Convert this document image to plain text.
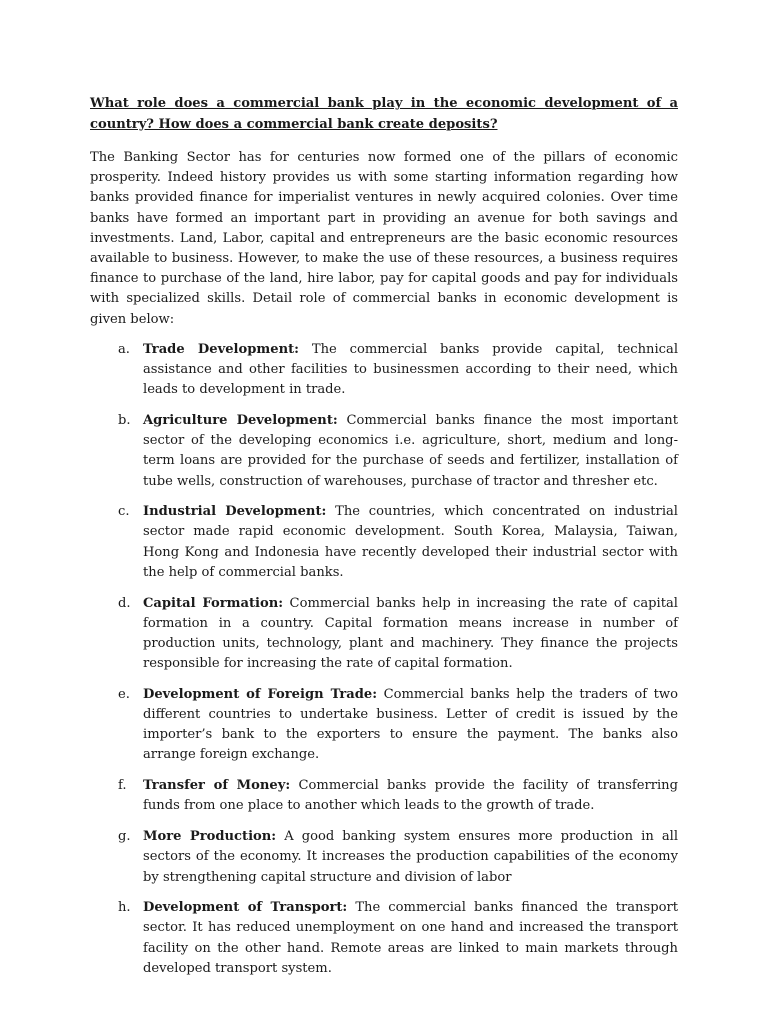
What role does a commercial bank play in the economic development of a country? How does a commercial bank create deposits?

The Banking Sector has for centuries now formed one of the pillars of economic prosperity. Indeed history provides us with some starting information regarding how banks provided finance for imperialist ventures in newly acquired colonies. Over time banks have formed an important part in providing an avenue for both savings and investments. Land, Labor, capital and entrepreneurs are the basic economic resources available to business. However, to make the use of these resources, a business requires finance to purchase of the land, hire labor, pay for capital goods and pay for individuals with specialized skills. Detail role of commercial banks in economic development is given below:

a. Trade Development: The commercial banks provide capital, technical assistance and other facilities to businessmen according to their need, which leads to development in trade.
b. Agriculture Development: Commercial banks finance the most important sector of the developing economics i.e. agriculture, short, medium and long-term loans are provided for the purchase of seeds and fertilizer, installation of tube wells, construction of warehouses, purchase of tractor and thresher etc.
c.	Industrial Development: The countries, which concentrated on industrial sector made rapid economic development. South Korea, Malaysia, Taiwan, Hong Kong and Indonesia have recently developed their industrial sector with the help of commercial banks.
d. Capital Formation: Commercial banks help in increasing the rate of capital formation in a country. Capital formation means increase in number of production units, technology, plant and machinery. They finance the projects responsible for increasing the rate of capital formation.
e. Development of Foreign Trade: Commercial banks help the traders of two different countries to undertake business. Letter of credit is issued by the importer’s bank to the exporters to ensure the payment. The banks also arrange foreign exchange.
f.	Transfer of Money: Commercial banks provide the facility of transferring funds from one place to another which leads to the growth of trade.
g. More Production: A good banking system ensures more production in all sectors of the economy. It increases the production capabilities of the economy by strengthening capital structure and division of labor
h. Development of Transport: The commercial banks financed the transport sector. It has reduced unemployment on one hand and increased the transport facility on the other hand. Remote areas are linked to main markets through developed transport system.
